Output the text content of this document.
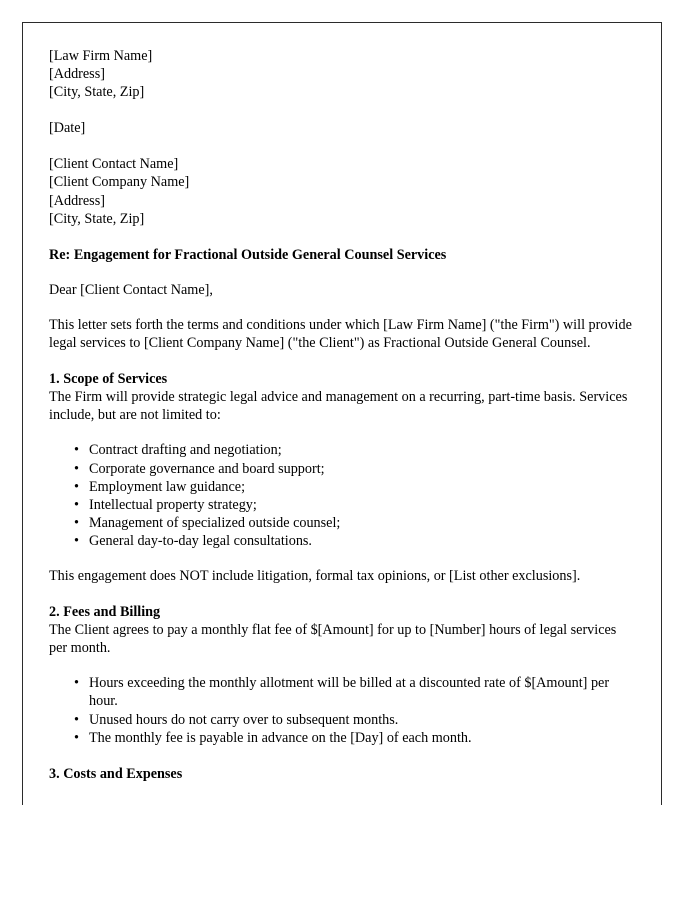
[Law Firm Name]
[Address]
[City, State, Zip]
[Date]
[Client Contact Name]
[Client Company Name]
[Address]
[City, State, Zip]

Re: Engagement for Fractional Outside General Counsel Services

Dear [Client Contact Name],

This letter sets forth the terms and conditions under which [Law Firm Name] ("the Firm") will provide legal services to [Client Company Name] ("the Client") as Fractional Outside General Counsel.

1. Scope of Services

The Firm will provide strategic legal advice and management on a recurring, part-time basis. Services include, but are not limited to:

• Contract drafting and negotiation;
• Corporate governance and board support;
• Employment law guidance;
• Intellectual property strategy;
• Management of specialized outside counsel;
• General day-to-day legal consultations.

This engagement does NOT include litigation, formal tax opinions, or [List other exclusions].

2. Fees and Billing

The Client agrees to pay a monthly flat fee of $[Amount] for up to [Number] hours of legal services per month.

• Hours exceeding the monthly allotment will be billed at a discounted rate of $[Amount] per hour.
• Unused hours do not carry over to subsequent months.
• The monthly fee is payable in advance on the [Day] of each month.

3. Costs and Expenses
